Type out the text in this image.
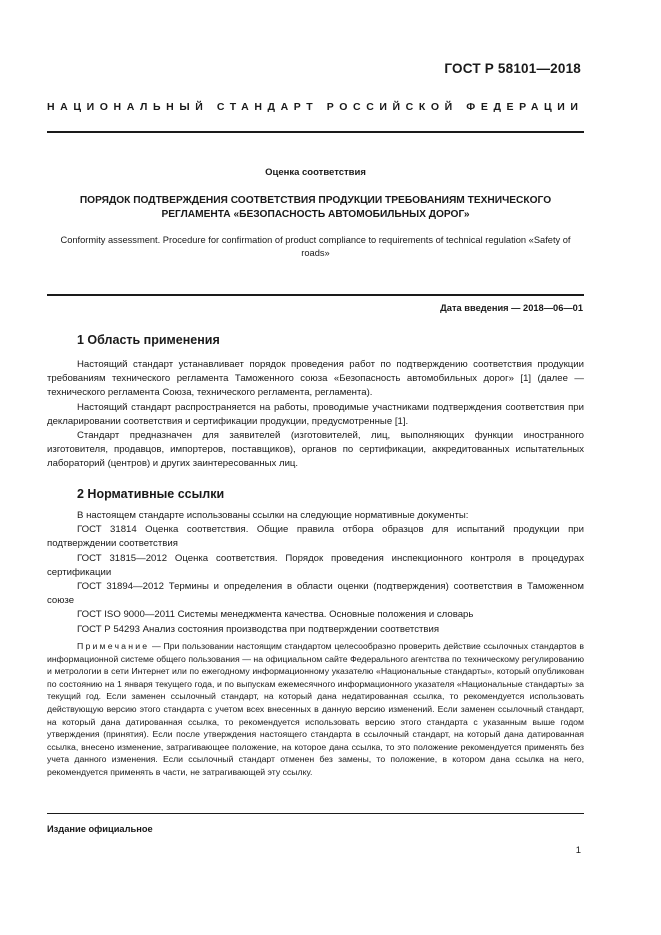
ГОСТ Р 58101—2018
НАЦИОНАЛЬНЫЙ СТАНДАРТ РОССИЙСКОЙ ФЕДЕРАЦИИ
Оценка соответствия
ПОРЯДОК ПОДТВЕРЖДЕНИЯ СООТВЕТСТВИЯ ПРОДУКЦИИ ТРЕБОВАНИЯМ ТЕХНИЧЕСКОГО РЕГЛАМЕНТА «БЕЗОПАСНОСТЬ АВТОМОБИЛЬНЫХ ДОРОГ»
Conformity assessment. Procedure for confirmation of product compliance to requirements of technical regulation «Safety of roads»
Дата введения — 2018—06—01
1 Область применения

Настоящий стандарт устанавливает порядок проведения работ по подтверждению соответствия продукции требованиям технического регламента Таможенного союза «Безопасность автомобильных дорог» [1] (далее — технического регламента Союза, технического регламента, регламента).

Настоящий стандарт распространяется на работы, проводимые участниками подтверждения соответствия при декларировании соответствия и сертификации продукции, предусмотренные [1].

Стандарт предназначен для заявителей (изготовителей, лиц, выполняющих функции иностранного изготовителя, продавцов, импортеров, поставщиков), органов по сертификации, аккредитованных испытательных лабораторий (центров) и других заинтересованных лиц.

2 Нормативные ссылки

В настоящем стандарте использованы ссылки на следующие нормативные документы:

ГОСТ 31814 Оценка соответствия. Общие правила отбора образцов для испытаний продукции при подтверждении соответствия

ГОСТ 31815—2012 Оценка соответствия. Порядок проведения инспекционного контроля в процедурах сертификации

ГОСТ 31894—2012 Термины и определения в области оценки (подтверждения) соответствия в Таможенном союзе

ГОСТ ISO 9000—2011 Системы менеджмента качества. Основные положения и словарь

ГОСТ Р 54293 Анализ состояния производства при подтверждении соответствия

Примечание — При пользовании настоящим стандартом целесообразно проверить действие ссылочных стандартов в информационной системе общего пользования — на официальном сайте Федерального агентства по техническому регулированию и метрологии в сети Интернет или по ежегодному информационному указателю «Национальные стандарты», который опубликован по состоянию на 1 января текущего года, и по выпускам ежемесячного информационного указателя «Национальные стандарты» за текущий год. Если заменен ссылочный стандарт, на который дана недатированная ссылка, то рекомендуется использовать действующую версию этого стандарта с учетом всех внесенных в данную версию изменений. Если заменен ссылочный стандарт, на который дана датированная ссылка, то рекомендуется использовать версию этого стандарта с указанным выше годом утверждения (принятия). Если после утверждения настоящего стандарта в ссылочный стандарт, на который дана датированная ссылка, внесено изменение, затрагивающее положение, на которое дана ссылка, то это положение рекомендуется применять без учета данного изменения. Если ссылочный стандарт отменен без замены, то положение, в котором дана ссылка на него, рекомендуется применять в части, не затрагивающей эту ссылку.

Издание официальное
1
